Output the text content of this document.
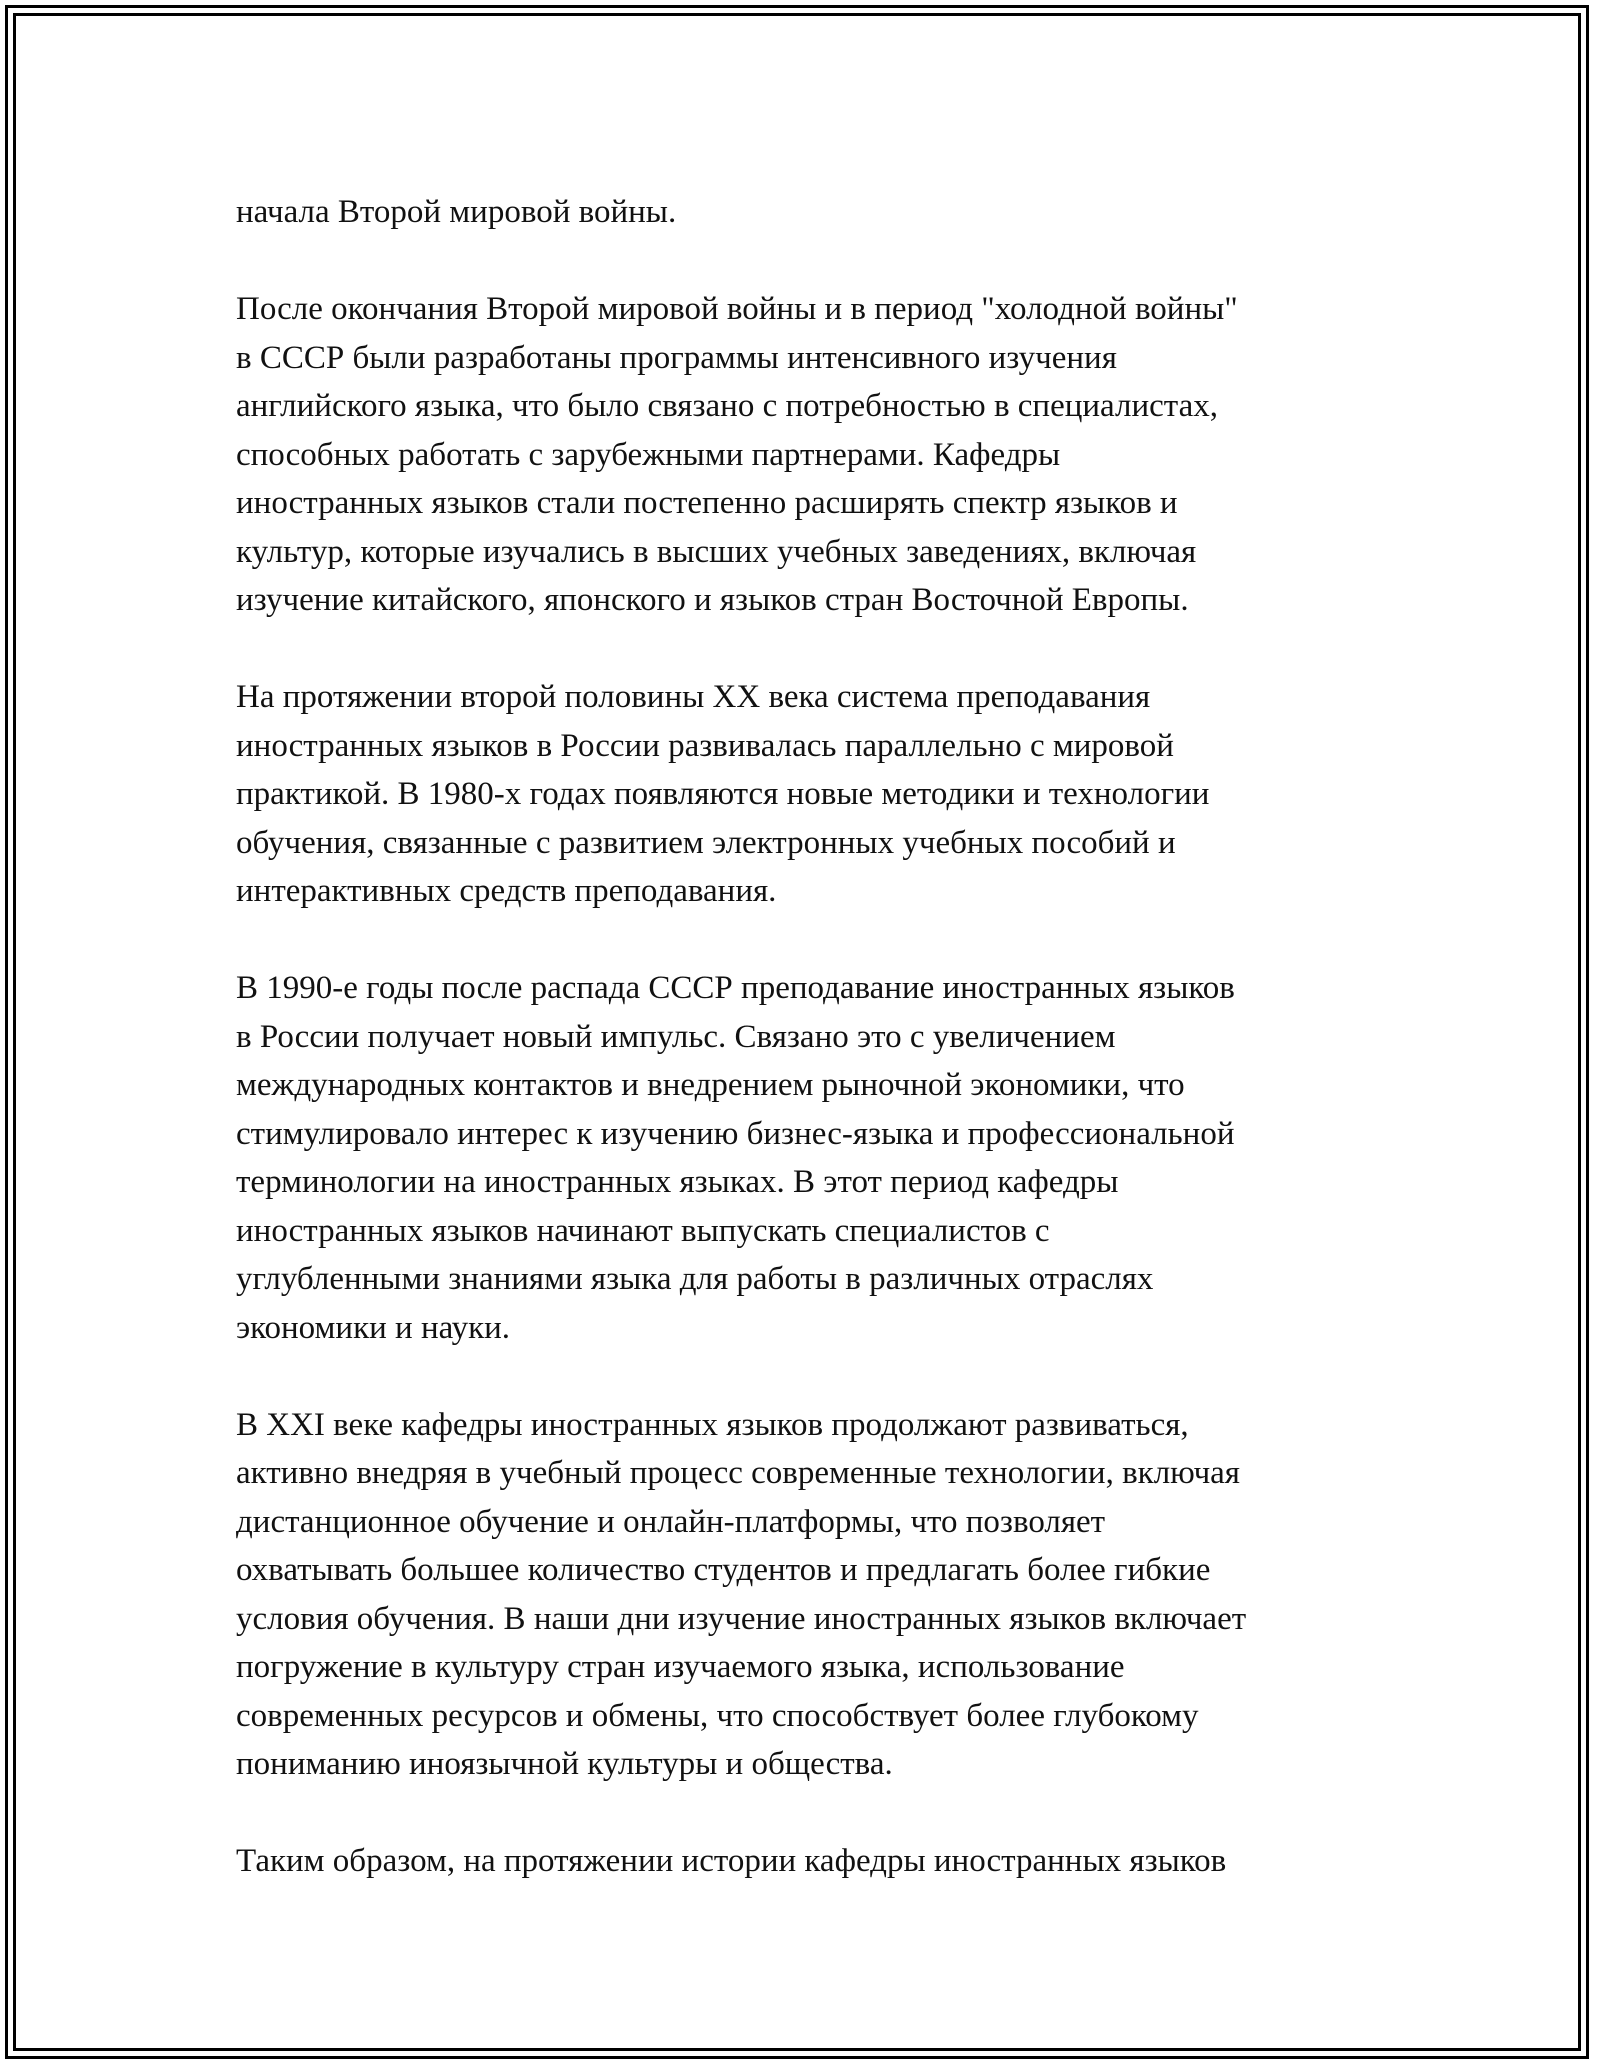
начала Второй мировой войны.
После окончания Второй мировой войны и в период "холодной войны"
в СССР были разработаны программы интенсивного изучения
английского языка, что было связано с потребностью в специалистах,
способных работать с зарубежными партнерами. Кафедры
иностранных языков стали постепенно расширять спектр языков и
культур, которые изучались в высших учебных заведениях, включая
изучение китайского, японского и языков стран Восточной Европы.
На протяжении второй половины XX века система преподавания
иностранных языков в России развивалась параллельно с мировой
практикой. В 1980-х годах появляются новые методики и технологии
обучения, связанные с развитием электронных учебных пособий и
интерактивных средств преподавания.
В 1990-е годы после распада СССР преподавание иностранных языков
в России получает новый импульс. Связано это с увеличением
международных контактов и внедрением рыночной экономики, что
стимулировало интерес к изучению бизнес-языка и профессиональной
терминологии на иностранных языках. В этот период кафедры
иностранных языков начинают выпускать специалистов с
углубленными знаниями языка для работы в различных отраслях
экономики и науки.
В XXI веке кафедры иностранных языков продолжают развиваться,
активно внедряя в учебный процесс современные технологии, включая
дистанционное обучение и онлайн-платформы, что позволяет
охватывать большее количество студентов и предлагать более гибкие
условия обучения. В наши дни изучение иностранных языков включает
погружение в культуру стран изучаемого языка, использование
современных ресурсов и обмены, что способствует более глубокому
пониманию иноязычной культуры и общества.
Таким образом, на протяжении истории кафедры иностранных языков
